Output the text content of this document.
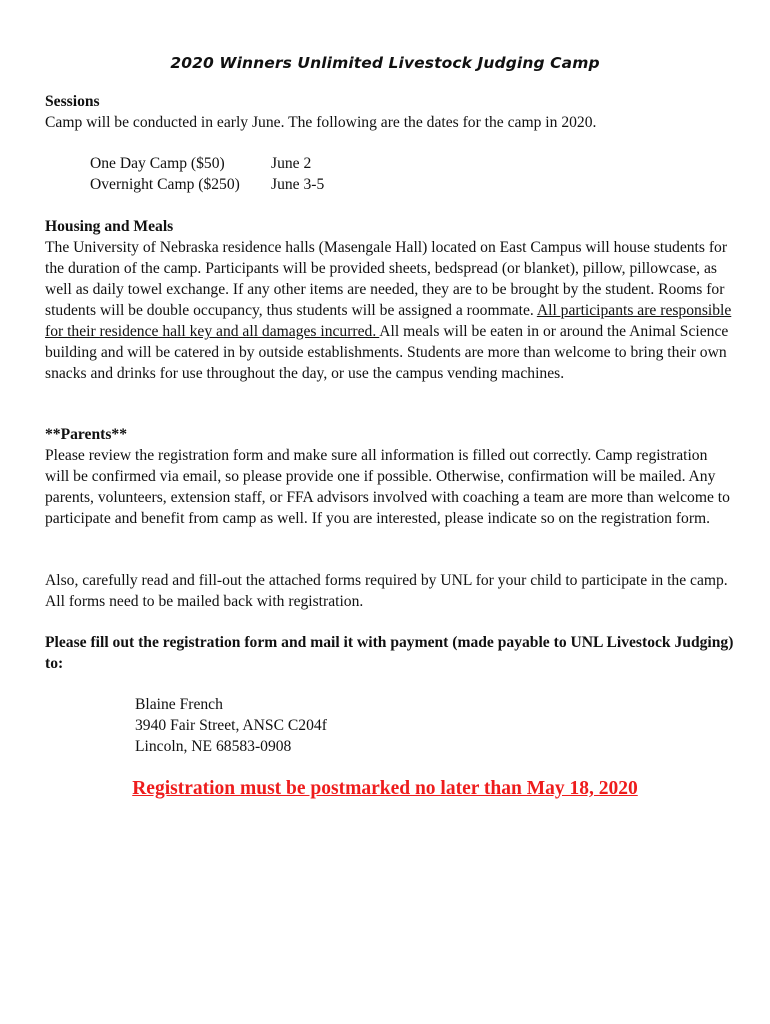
2020 Winners Unlimited Livestock Judging Camp
Sessions

Camp will be conducted in early June. The following are the dates for the camp in 2020.

One Day Camp ($50)	June 2
Overnight Camp ($250)	June 3-5
Housing and Meals

The University of Nebraska residence halls (Masengale Hall) located on East Campus will house students for the duration of the camp. Participants will be provided sheets, bedspread (or blanket), pillow, pillowcase, as well as daily towel exchange. If any other items are needed, they are to be brought by the student. Rooms for students will be double occupancy, thus students will be assigned a roommate. All participants are responsible for their residence hall key and all damages incurred. All meals will be eaten in or around the Animal Science building and will be catered in by outside establishments. Students are more than welcome to bring their own snacks and drinks for use throughout the day, or use the campus vending machines.

**Parents**

Please review the registration form and make sure all information is filled out correctly. Camp registration will be confirmed via email, so please provide one if possible. Otherwise, confirmation will be mailed. Any parents, volunteers, extension staff, or FFA advisors involved with coaching a team are more than welcome to participate and benefit from camp as well. If you are interested, please indicate so on the registration form.

Also, carefully read and fill-out the attached forms required by UNL for your child to participate in the camp. All forms need to be mailed back with registration.

Please fill out the registration form and mail it with payment (made payable to UNL Livestock Judging) to:

Blaine French
3940 Fair Street, ANSC C204f
Lincoln, NE 68583-0908
Registration must be postmarked no later than May 18, 2020
